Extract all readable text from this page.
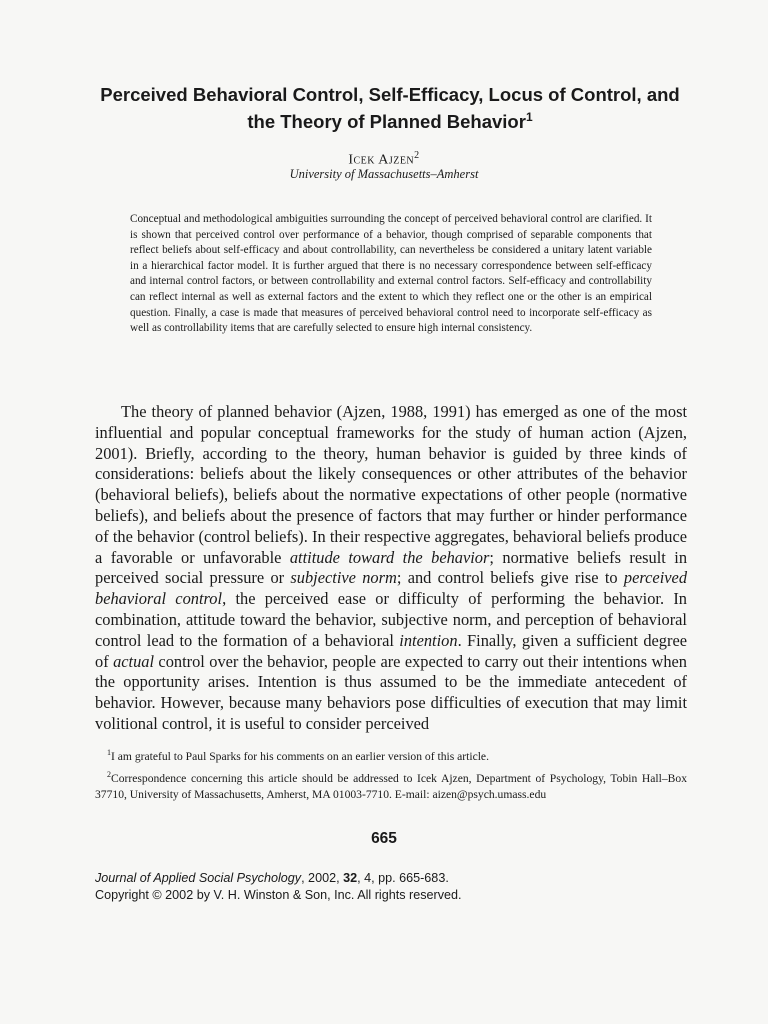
Perceived Behavioral Control, Self-Efficacy, Locus of Control, and the Theory of Planned Behavior$^1$
Icek Ajzen$^2$
University of Massachusetts–Amherst

Conceptual and methodological ambiguities surrounding the concept of perceived behavioral control are clarified. It is shown that perceived control over performance of a behavior, though comprised of separable components that reflect beliefs about self-efficacy and about controllability, can nevertheless be considered a unitary latent variable in a hierarchical factor model. It is further argued that there is no necessary correspondence between self-efficacy and internal control factors, or between controllability and external control factors. Self-efficacy and controllability can reflect internal as well as external factors and the extent to which they reflect one or the other is an empirical question. Finally, a case is made that measures of perceived behavioral control need to incorporate self-efficacy as well as controllability items that are carefully selected to ensure high internal consistency.

The theory of planned behavior (Ajzen, 1988, 1991) has emerged as one of the most influential and popular conceptual frameworks for the study of human action (Ajzen, 2001). Briefly, according to the theory, human behavior is guided by three kinds of considerations: beliefs about the likely consequences or other attributes of the behavior (behavioral beliefs), beliefs about the normative expectations of other people (normative beliefs), and beliefs about the presence of factors that may further or hinder performance of the behavior (control beliefs). In their respective aggregates, behavioral beliefs produce a favorable or unfavorable attitude toward the behavior; normative beliefs result in perceived social pressure or subjective norm; and control beliefs give rise to perceived behavioral control, the perceived ease or difficulty of performing the behavior. In combination, attitude toward the behavior, subjective norm, and perception of behavioral control lead to the formation of a behavioral intention. Finally, given a sufficient degree of actual control over the behavior, people are expected to carry out their intentions when the opportunity arises. Intention is thus assumed to be the immediate antecedent of behavior. However, because many behaviors pose difficulties of execution that may limit volitional control, it is useful to consider perceived

$^1$I am grateful to Paul Sparks for his comments on an earlier version of this article.

$^2$Correspondence concerning this article should be addressed to Icek Ajzen, Department of Psychology, Tobin Hall–Box 37710, University of Massachusetts, Amherst, MA 01003-7710. E-mail: aizen@psych.umass.edu

665
Journal of Applied Social Psychology, 2002, 32, 4, pp. 665-683.
Copyright © 2002 by V. H. Winston & Son, Inc. All rights reserved.
